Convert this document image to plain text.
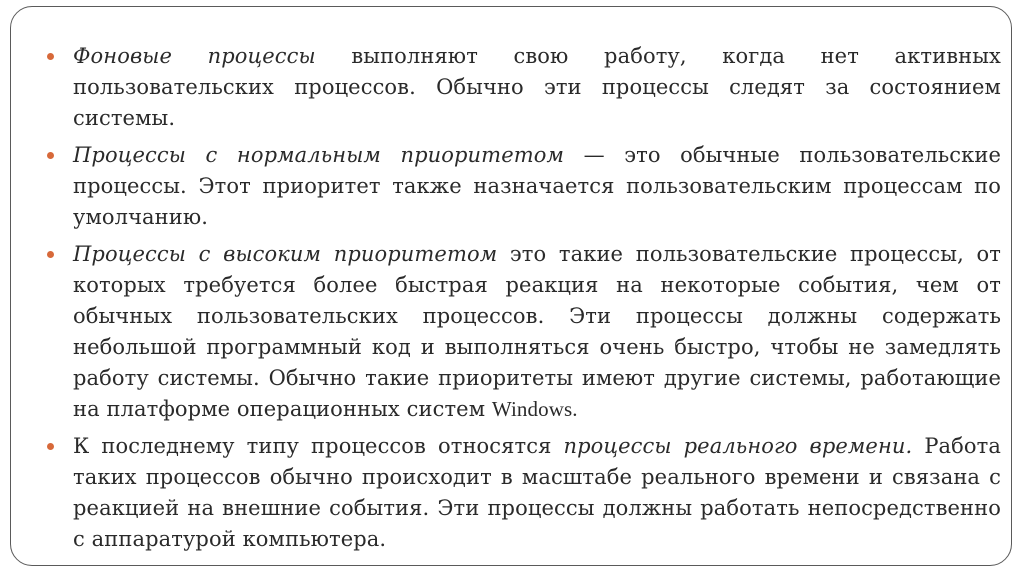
Фоновые процессы выполняют свою работу, когда нет активных пользовательских процессов. Обычно эти процессы следят за состоянием системы.
Процессы с нормальным приоритетом — это обычные пользовательские процессы. Этот приоритет также назначается пользовательским процессам по умолчанию.
Процессы с высоким приоритетом это такие пользовательские процессы, от которых требуется более быстрая реакция на некоторые события, чем от обычных пользовательских процессов. Эти процессы должны содержать небольшой программный код и выполняться очень быстро, чтобы не замедлять работу системы. Обычно такие приоритеты имеют другие системы, работающие на платформе операционных систем Windows.
К последнему типу процессов относятся процессы реального времени. Работа таких процессов обычно происходит в масштабе реального времени и связана с реакцией на внешние события. Эти процессы должны работать непосредственно с аппаратурой компьютера.
